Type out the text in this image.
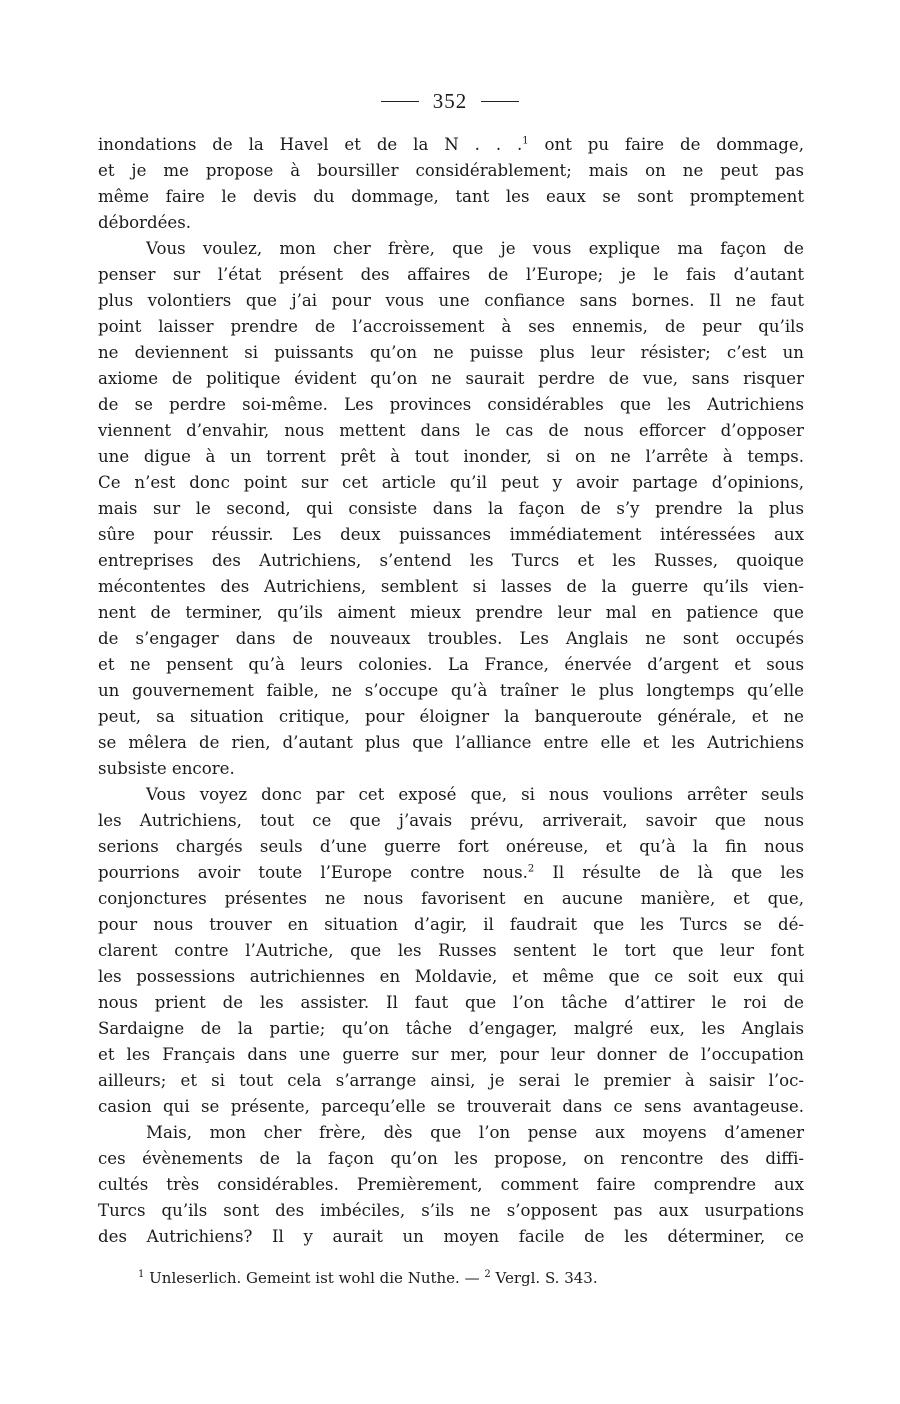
352
inondations de la Havel et de la N . . .$^1$ ont pu faire de dommage,
et je me propose à boursiller considérablement; mais on ne peut pas
même faire le devis du dommage, tant les eaux se sont promptement
débordées.
Vous voulez, mon cher frère, que je vous explique ma façon de
penser sur l’état présent des affaires de l’Europe; je le fais d’autant
plus volontiers que j’ai pour vous une confiance sans bornes. Il ne faut
point laisser prendre de l’accroissement à ses ennemis, de peur qu’ils
ne deviennent si puissants qu’on ne puisse plus leur résister; c’est un
axiome de politique évident qu’on ne saurait perdre de vue, sans risquer
de se perdre soi-même. Les provinces considérables que les Autrichiens
viennent d’envahir, nous mettent dans le cas de nous efforcer d’opposer
une digue à un torrent prêt à tout inonder, si on ne l’arrête à temps.
Ce n’est donc point sur cet article qu’il peut y avoir partage d’opinions,
mais sur le second, qui consiste dans la façon de s’y prendre la plus
sûre pour réussir. Les deux puissances immédiatement intéressées aux
entreprises des Autrichiens, s’entend les Turcs et les Russes, quoique
mécontentes des Autrichiens, semblent si lasses de la guerre qu’ils vien-
nent de terminer, qu’ils aiment mieux prendre leur mal en patience que
de s’engager dans de nouveaux troubles. Les Anglais ne sont occupés
et ne pensent qu’à leurs colonies. La France, énervée d’argent et sous
un gouvernement faible, ne s’occupe qu’à traîner le plus longtemps qu’elle
peut, sa situation critique, pour éloigner la banqueroute générale, et ne
se mêlera de rien, d’autant plus que l’alliance entre elle et les Autrichiens
subsiste encore.
Vous voyez donc par cet exposé que, si nous voulions arrêter seuls
les Autrichiens, tout ce que j’avais prévu, arriverait, savoir que nous
serions chargés seuls d’une guerre fort onéreuse, et qu’à la fin nous
pourrions avoir toute l’Europe contre nous.$^2$ Il résulte de là que les
conjonctures présentes ne nous favorisent en aucune manière, et que,
pour nous trouver en situation d’agir, il faudrait que les Turcs se dé-
clarent contre l’Autriche, que les Russes sentent le tort que leur font
les possessions autrichiennes en Moldavie, et même que ce soit eux qui
nous prient de les assister. Il faut que l’on tâche d’attirer le roi de
Sardaigne de la partie; qu’on tâche d’engager, malgré eux, les Anglais
et les Français dans une guerre sur mer, pour leur donner de l’occupation
ailleurs; et si tout cela s’arrange ainsi, je serai le premier à saisir l’oc-
casion qui se présente, parcequ’elle se trouverait dans ce sens avantageuse.
Mais, mon cher frère, dès que l’on pense aux moyens d’amener
ces évènements de la façon qu’on les propose, on rencontre des diffi-
cultés très considérables. Premièrement, comment faire comprendre aux
Turcs qu’ils sont des imbéciles, s’ils ne s’opposent pas aux usurpations
des Autrichiens? Il y aurait un moyen facile de les déterminer, ce
$^1$ Unleserlich. Gemeint ist wohl die Nuthe. — $^2$ Vergl. S. 343.
